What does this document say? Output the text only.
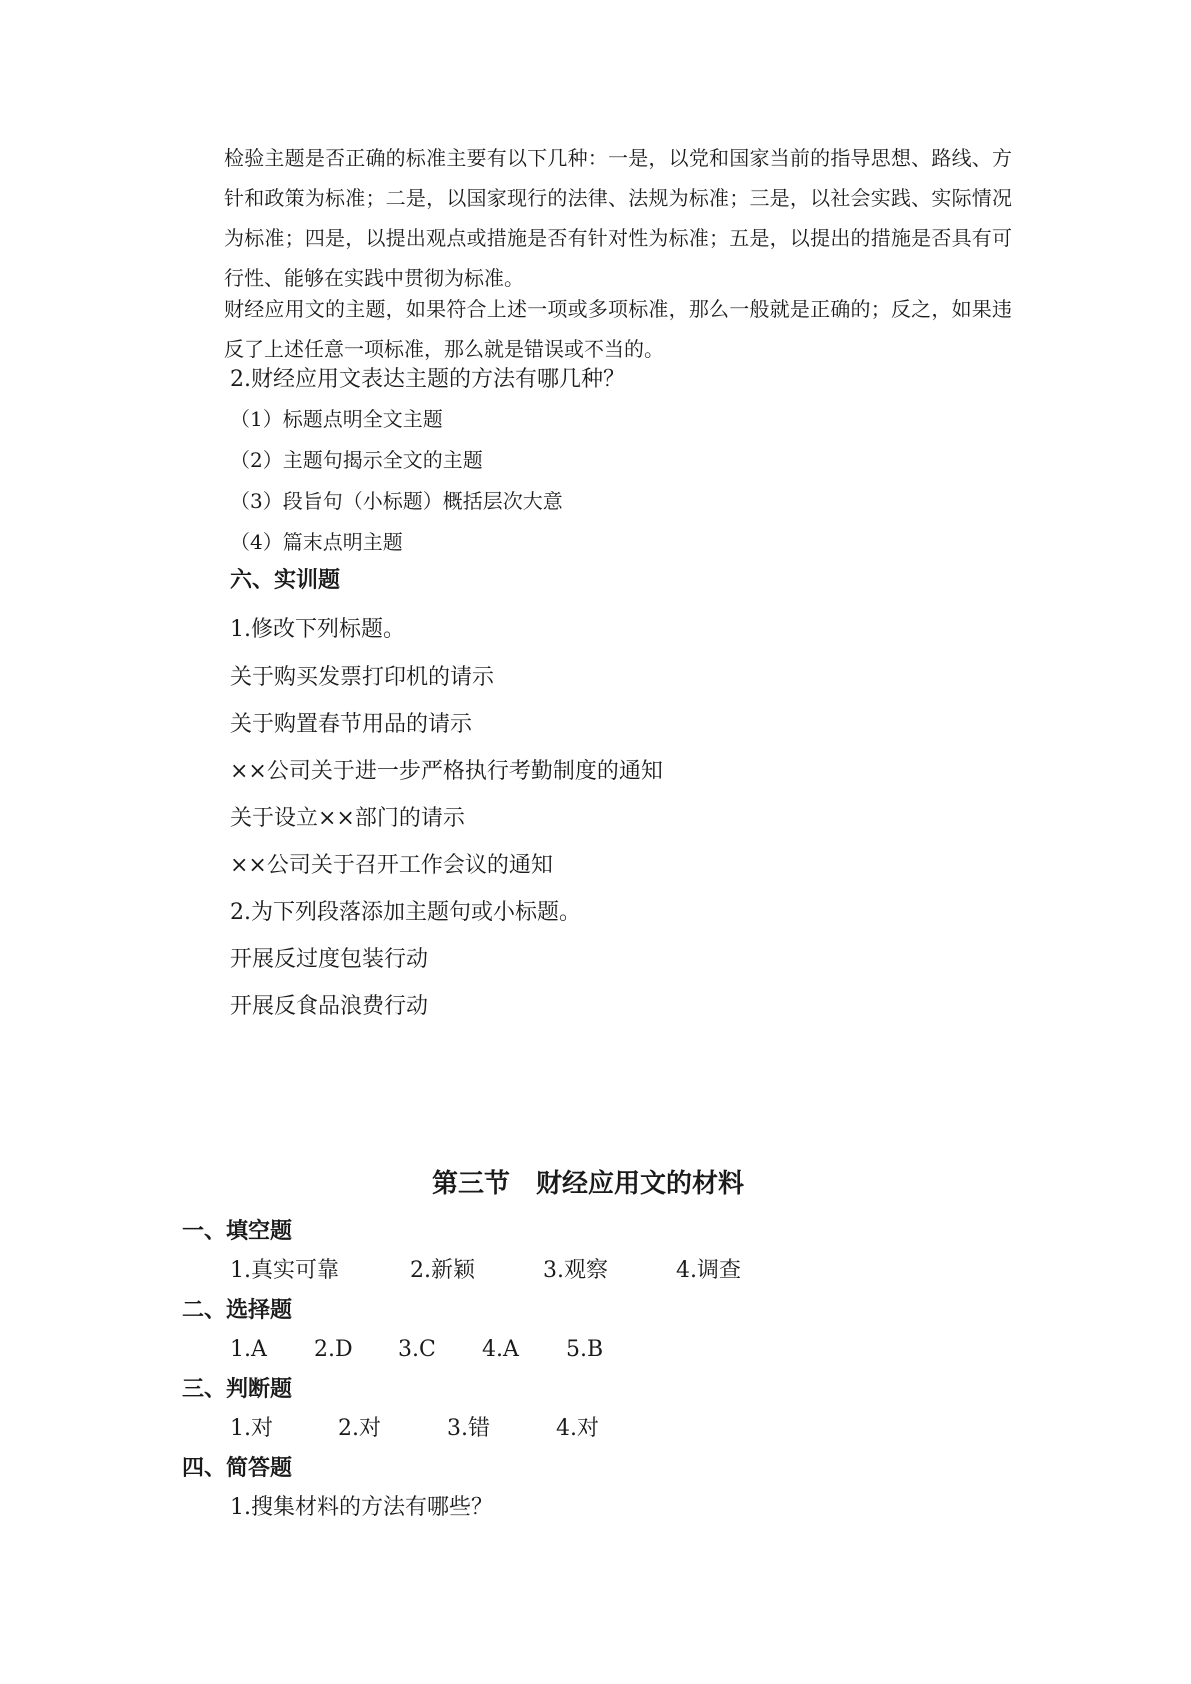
检验主题是否正确的标准主要有以下几种：一是，以党和国家当前的指导思想、路线、方针和政策为标准；二是，以国家现行的法律、法规为标准；三是，以社会实践、实际情况为标准；四是，以提出观点或措施是否有针对性为标准；五是，以提出的措施是否具有可行性、能够在实践中贯彻为标准。
财经应用文的主题，如果符合上述一项或多项标准，那么一般就是正确的；反之，如果违反了上述任意一项标准，那么就是错误或不当的。
2.财经应用文表达主题的方法有哪几种？
（1）标题点明全文主题
（2）主题句揭示全文的主题
（3）段旨句（小标题）概括层次大意
（4）篇末点明主题
六、实训题
1.修改下列标题。
关于购买发票打印机的请示
关于购置春节用品的请示
××公司关于进一步严格执行考勤制度的通知
关于设立××部门的请示
××公司关于召开工作会议的通知
2.为下列段落添加主题句或小标题。
开展反过度包装行动
开展反食品浪费行动
第三节　财经应用文的材料
一、填空题
1.真实可靠	2.新颖	3.观察	4.调查
二、选择题
1.A 2.D 3.C 4.A 5.B
三、判断题
1.对	2.对	3.错	4.对
四、简答题
1.搜集材料的方法有哪些？
